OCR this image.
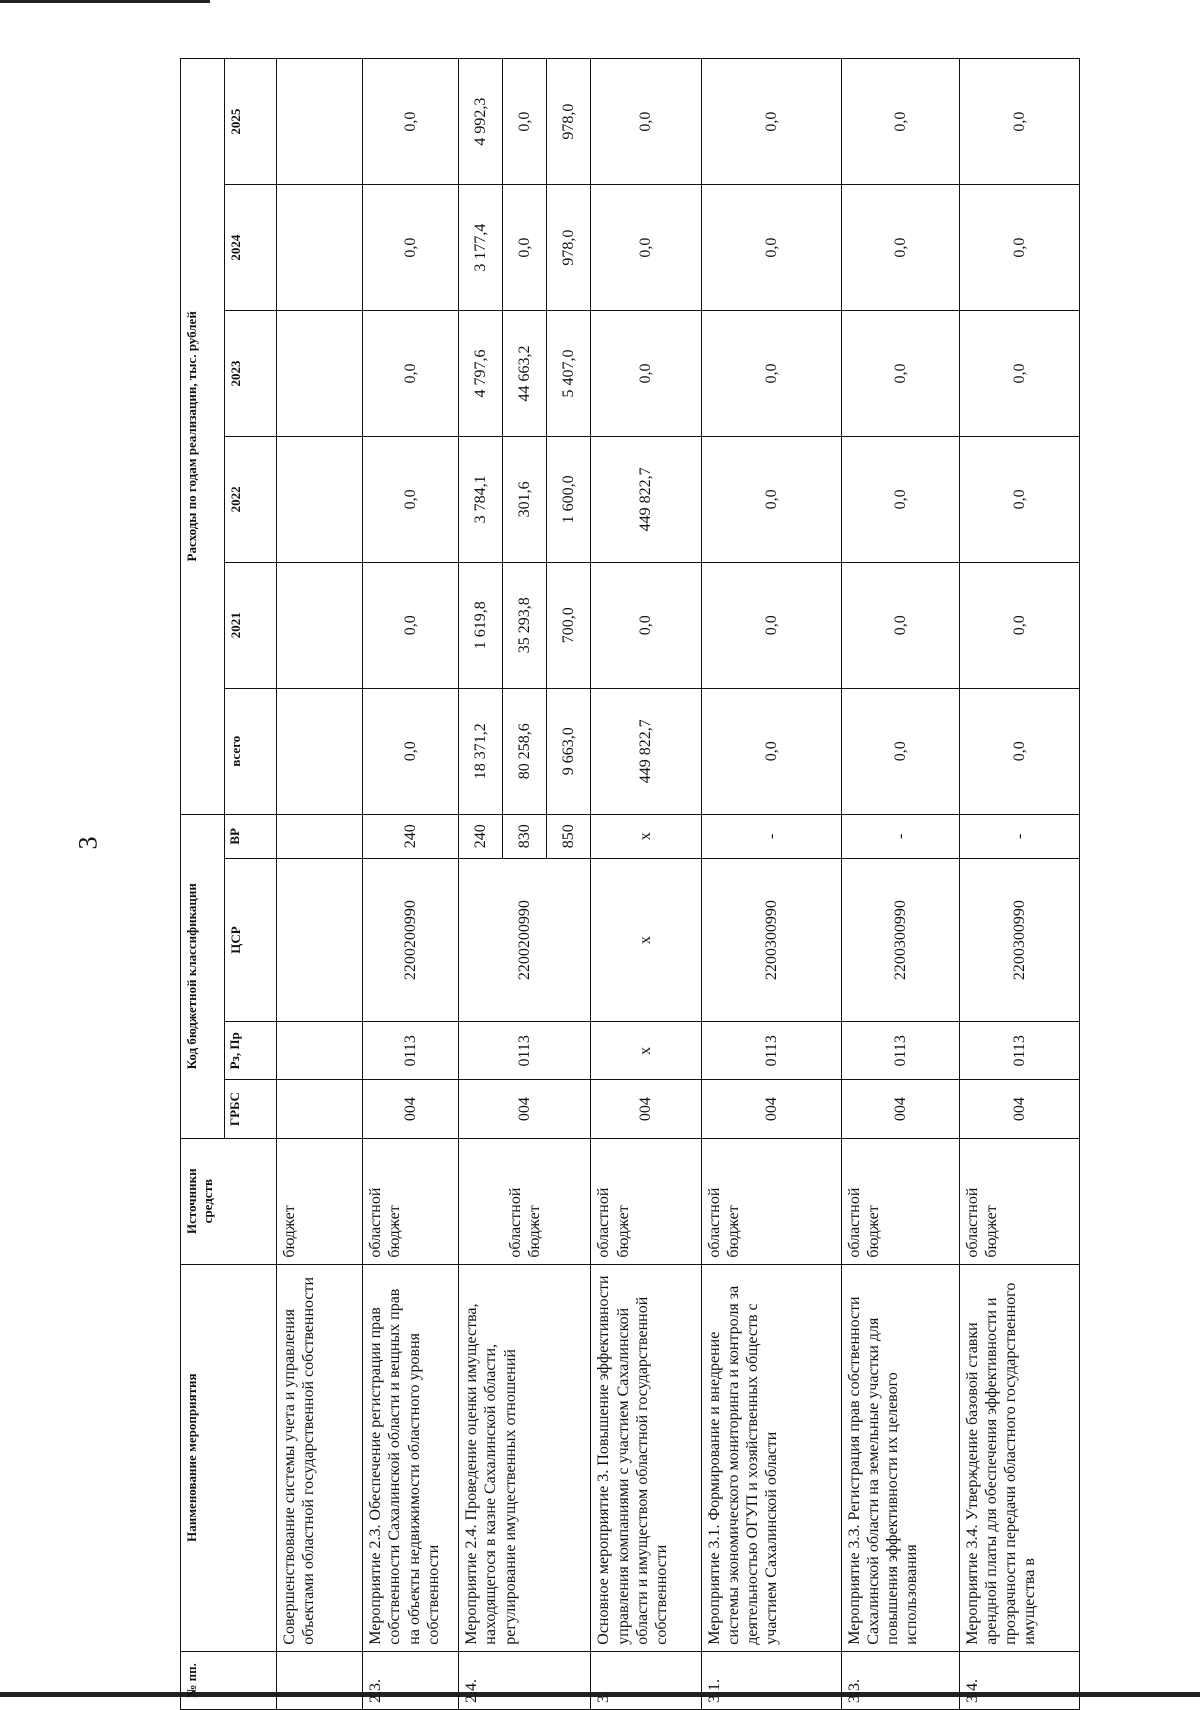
3
№ пп.	Наименование мероприятия	Источники средств	Код бюджетной классификации				Расходы по годам реализации, тыс. рублей					
			ГРБС	Рз, Пр	ЦСР	ВР	всего	2021	2022	2023	2024	2025
	Совершенствование системы учета и управления объектами областной государственной собственности	бюджет										
2.3.	Мероприятие 2.3. Обеспечение регистрации прав собственности Сахалинской области и вещных прав на объекты недвижимости областного уровня собственности	областной бюджет	004	0113	2200200990	240	0,0	0,0	0,0	0,0	0,0	0,0
2.4.	Мероприятие 2.4. Проведение оценки имущества, находящегося в казне Сахалинской области, регулирование имущественных отношений	областной бюджет	004	0113	2200200990	240	18 371,2	1 619,8	3 784,1	4 797,6	3 177,4	4 992,3
						830	80 258,6	35 293,8	301,6	44 663,2	0,0	0,0
						850	9 663,0	700,0	1 600,0	5 407,0	978,0	978,0
3.	Основное мероприятие 3. Повышение эффективности управления компаниями с участием Сахалинской области и имуществом областной государственной собственности	областной бюджет	004	x	x	x	449 822,7	0,0	449 822,7	0,0	0,0	0,0
3.1.	Мероприятие 3.1. Формирование и внедрение системы экономического мониторинга и контроля за деятельностью ОГУП и хозяйственных обществ с участием Сахалинской области	областной бюджет	004	0113	2200300990	-	0,0	0,0	0,0	0,0	0,0	0,0
3.3.	Мероприятие 3.3. Регистрация прав собственности Сахалинской области на земельные участки для повышения эффективности их целевого использования	областной бюджет	004	0113	2200300990	-	0,0	0,0	0,0	0,0	0,0	0,0
3.4.	Мероприятие 3.4. Утверждение базовой ставки арендной платы для обеспечения эффективности и прозрачности передачи областного государственного имущества в	областной бюджет	004	0113	2200300990	-	0,0	0,0	0,0	0,0	0,0	0,0
